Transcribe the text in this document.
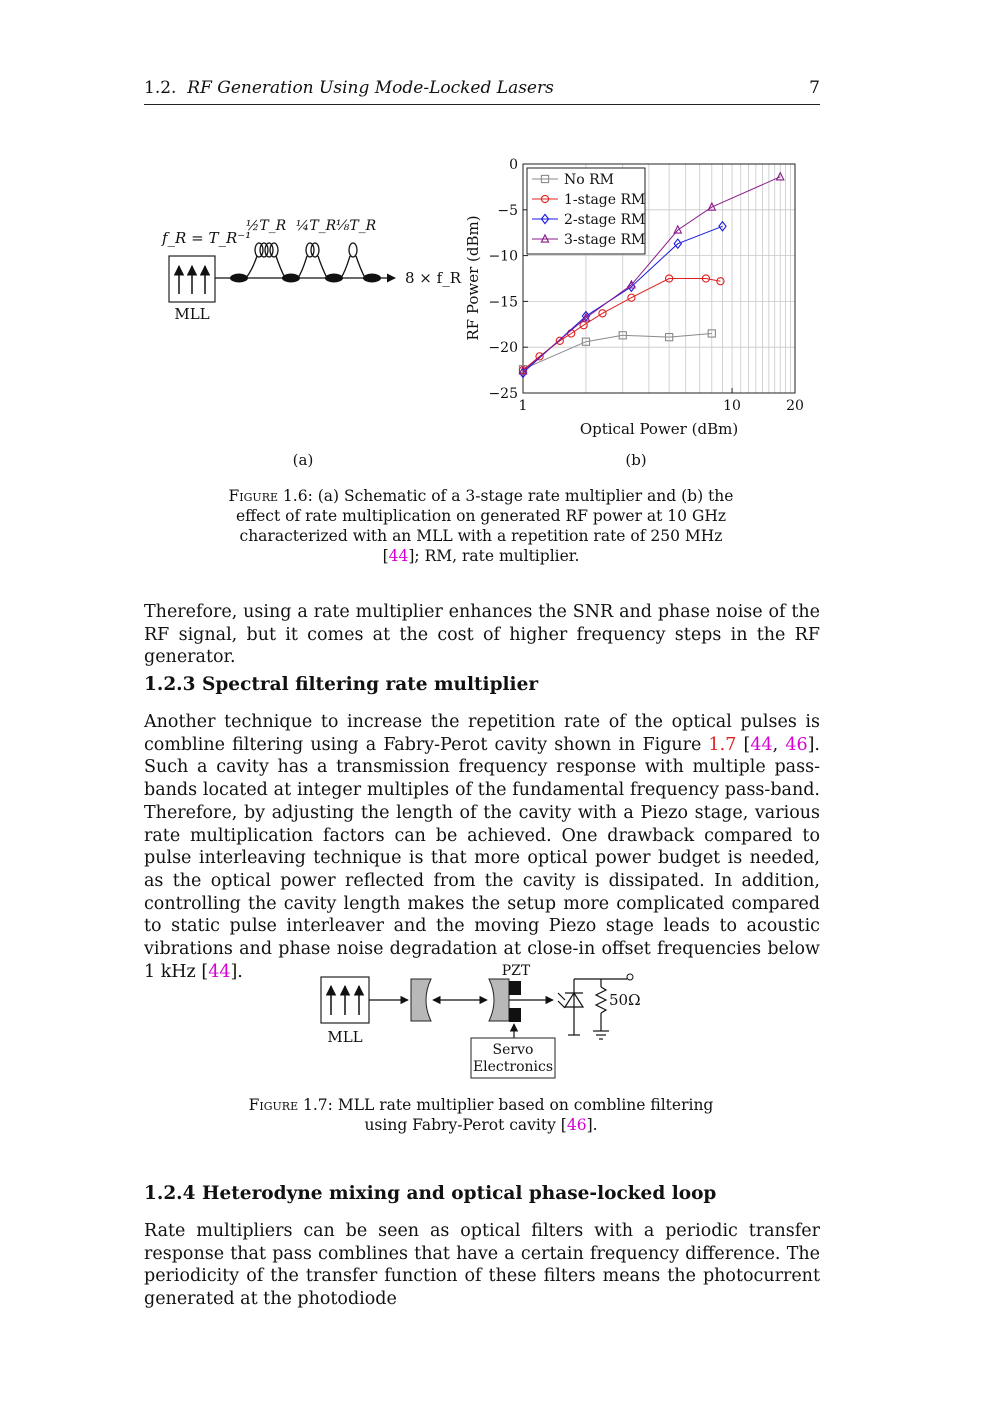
1.2. RF Generation Using Mode-Locked Lasers	7
f_R = T_R⁻¹
MLL
½T_R ¼T_R ⅛T_R
8 × f_R
(a)
0
−5
−10
−15
−20
−25
1	10	20
Optical Power (dBm)
RF Power (dBm)
No RM
1-stage RM
2-stage RM
3-stage RM
(b)
Figure 1.6: (a) Schematic of a 3-stage rate multiplier and (b) the effect of rate multiplication on generated RF power at 10 GHz characterized with an MLL with a repetition rate of 250 MHz [44]; RM, rate multiplier.
Therefore, using a rate multiplier enhances the SNR and phase noise of the RF signal, but it comes at the cost of higher frequency steps in the RF generator.
1.2.3 Spectral filtering rate multiplier
Another technique to increase the repetition rate of the optical pulses is combline filtering using a Fabry-Perot cavity shown in Figure 1.7 [44, 46]. Such a cavity has a transmission frequency response with multiple pass-bands located at integer multiples of the fundamental frequency pass-band. Therefore, by adjusting the length of the cavity with a Piezo stage, various rate multiplication factors can be achieved. One drawback compared to pulse interleaving technique is that more optical power budget is needed, as the optical power reflected from the cavity is dissipated. In addition, controlling the cavity length makes the setup more complicated compared to static pulse interleaver and the moving Piezo stage leads to acoustic vibrations and phase noise degradation at close-in offset frequencies below 1 kHz [44].
MLL
PZT
50Ω
Servo
Electronics
Figure 1.7: MLL rate multiplier based on combline filtering using Fabry-Perot cavity [46].
1.2.4 Heterodyne mixing and optical phase-locked loop
Rate multipliers can be seen as optical filters with a periodic transfer response that pass comblines that have a certain frequency difference. The periodicity of the transfer function of these filters means the photocurrent generated at the photodiode
